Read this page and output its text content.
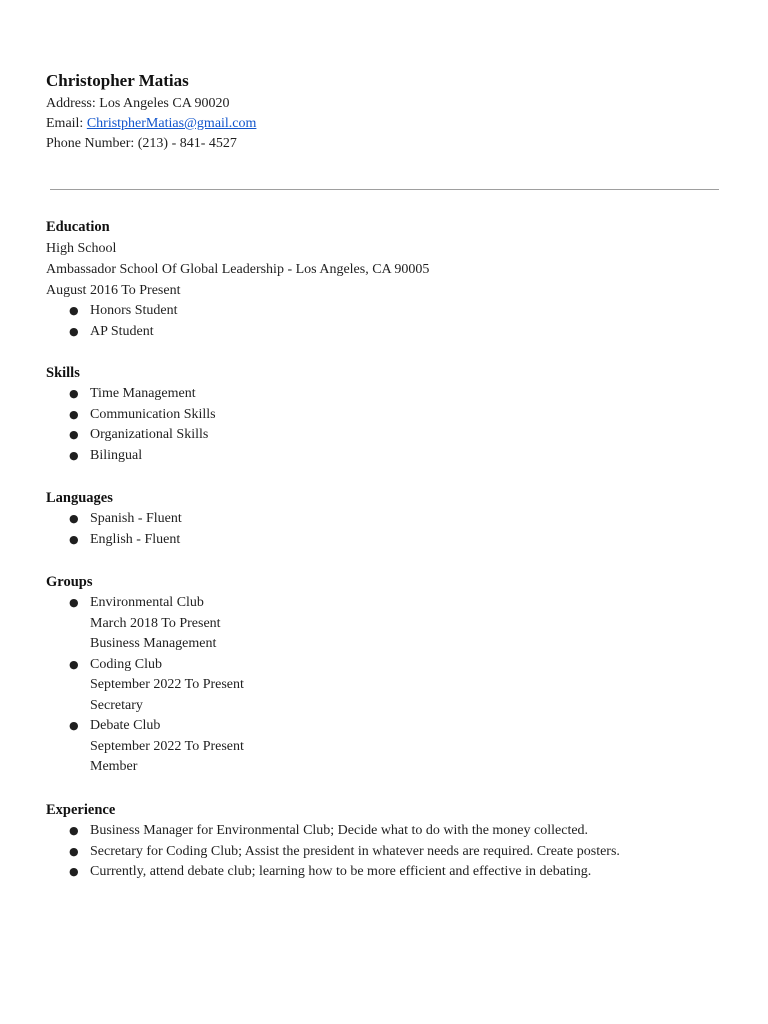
Christopher Matias

Address: Los Angeles CA 90020

Email: ChristpherMatias@gmail.com

Phone Number: (213) - 841- 4527

Education

High School

Ambassador School Of Global Leadership - Los Angeles, CA 90005

August 2016 To Present

● Honors Student
● AP Student

Skills

● Time Management
● Communication Skills
● Organizational Skills
● Bilingual

Languages

● Spanish - Fluent
● English - Fluent

Groups

● Environmental Club
March 2018 To Present
Business Management
● Coding Club
September 2022 To Present
Secretary
● Debate Club
September 2022 To Present
Member

Experience

● Business Manager for Environmental Club; Decide what to do with the money collected.
● Secretary for Coding Club; Assist the president in whatever needs are required. Create posters.
● Currently, attend debate club; learning how to be more efficient and effective in debating.
